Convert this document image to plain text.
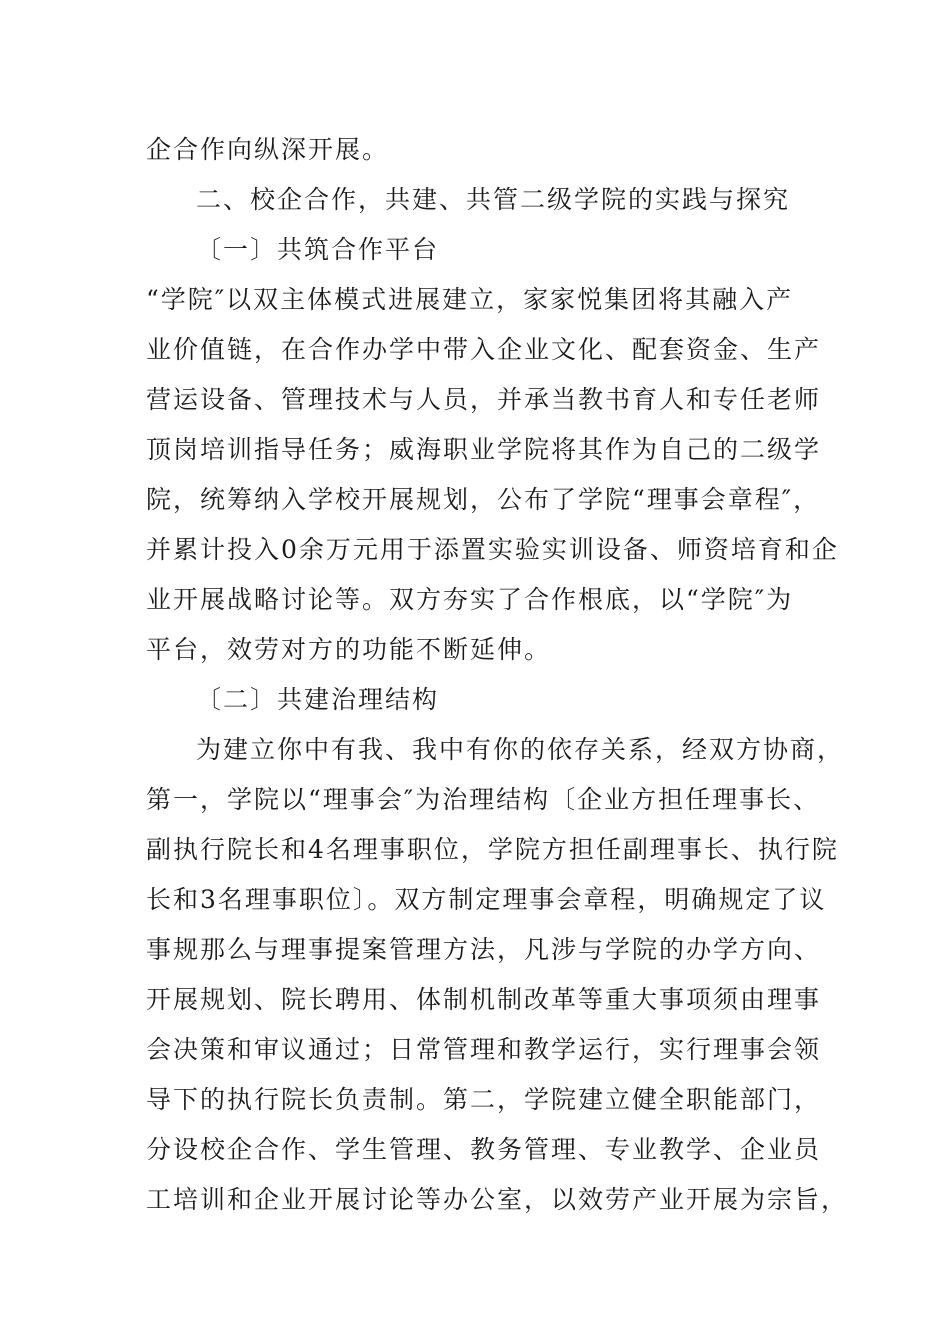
企合作向纵深开展。
二、校企合作，共建、共管二级学院的实践与探究
〔一〕共筑合作平台
“学院″以双主体模式进展建立，家家悦集团将其融入产
业价值链，在合作办学中带入企业文化、配套资金、生产
营运设备、管理技术与人员，并承当教书育人和专任老师
顶岗培训指导任务；威海职业学院将其作为自己的二级学
院，统筹纳入学校开展规划，公布了学院“理事会章程″，
并累计投入0余万元用于添置实验实训设备、师资培育和企
业开展战略讨论等。双方夯实了合作根底，以“学院″为
平台，效劳对方的功能不断延伸。
〔二〕共建治理结构
为建立你中有我、我中有你的依存关系，经双方协商，
第一，学院以“理事会″为治理结构〔企业方担任理事长、
副执行院长和4名理事职位，学院方担任副理事长、执行院
长和3名理事职位〕。双方制定理事会章程，明确规定了议
事规那么与理事提案管理方法，凡涉与学院的办学方向、
开展规划、院长聘用、体制机制改革等重大事项须由理事
会决策和审议通过；日常管理和教学运行，实行理事会领
导下的执行院长负责制。第二，学院建立健全职能部门，
分设校企合作、学生管理、教务管理、专业教学、企业员
工培训和企业开展讨论等办公室，以效劳产业开展为宗旨，
